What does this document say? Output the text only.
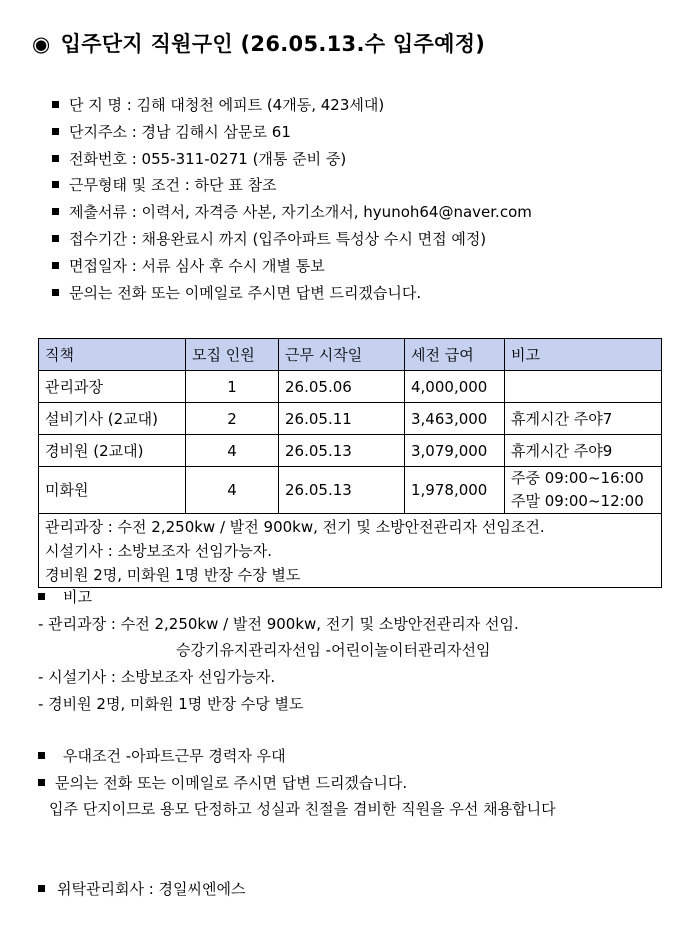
◉ 입주단지 직원구인 (26.05.13.수 입주예정)
단 지 명 : 김해 대청천 에피트 (4개동, 423세대)
단지주소 : 경남 김해시 삼문로 61
전화번호 : 055-311-0271 (개통 준비 중)
근무형태 및 조건 : 하단 표 참조
제출서류 : 이력서, 자격증 사본, 자기소개서, hyunoh64@naver.com
접수기간 : 채용완료시 까지 (입주아파트 특성상 수시 면접 예정)
면접일자 : 서류 심사 후 수시 개별 통보
문의는 전화 또는 이메일로 주시면 답변 드리겠습니다.
직책	모집 인원	근무 시작일	세전 급여	비고
관리과장	1	26.05.06	4,000,000	
설비기사 (2교대)	2	26.05.11	3,463,000	휴게시간 주야7
경비원 (2교대)	4	26.05.13	3,079,000	휴게시간 주야9
미화원	4	26.05.13	1,978,000	주중 09:00~16:00
주말 09:00~12:00

관리과장 : 수전 2,250kw / 발전 900kw, 전기 및 소방안전관리자 선임조건.
시설기사 : 소방보조자 선임가능자.
경비원 2명, 미화원 1명 반장 수장 별도				
비고
- 관리과장 : 수전 2,250kw / 발전 900kw, 전기 및 소방안전관리자 선임.
승강기유지관리자선임 -어린이놀이터관리자선임
- 시설기사 : 소방보조자 선임가능자.
- 경비원 2명, 미화원 1명 반장 수당 별도
우대조건 -아파트근무 경력자 우대
문의는 전화 또는 이메일로 주시면 답변 드리겠습니다.
입주 단지이므로 용모 단정하고 성실과 친절을 겸비한 직원을 우선 채용합니다
위탁관리회사 : 경일씨엔에스
